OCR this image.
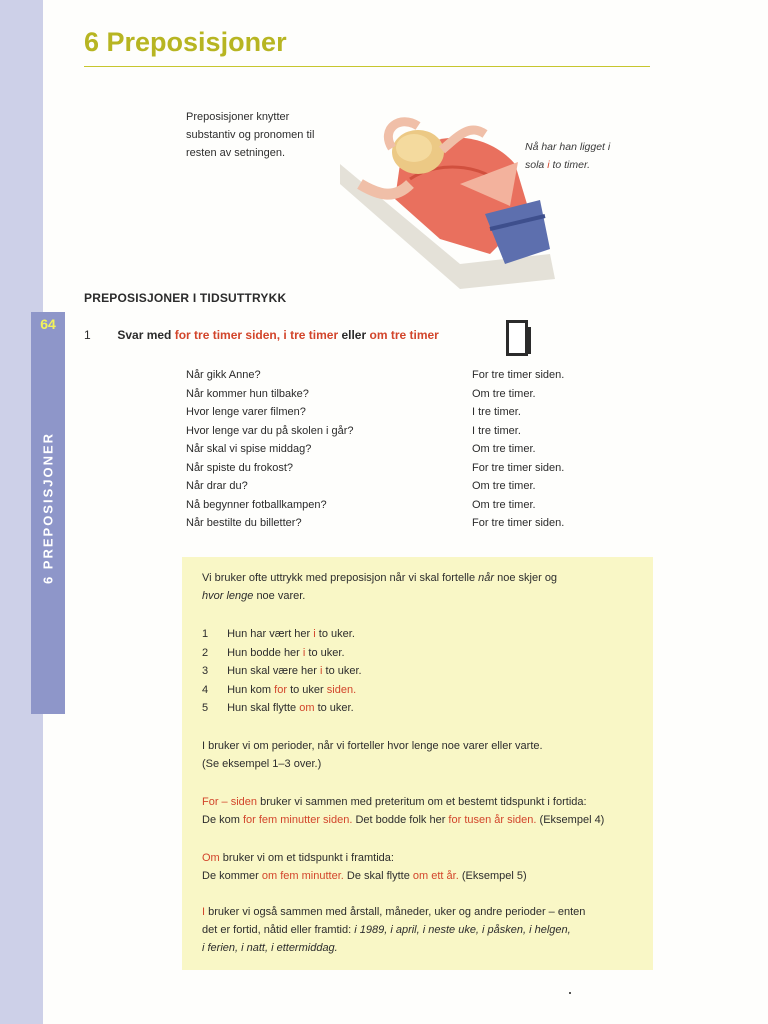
64
6 PREPOSISJONER
6 Preposisjoner
Preposisjoner knytter
substantiv og pronomen til
resten av setningen.	Nå har han ligget i
sola i to timer.
PREPOSISJONER I TIDSUTTRYKK
1 Svar med for tre timer siden, i tre timer eller om tre timer
Når gikk Anne?
Når kommer hun tilbake?
Hvor lenge varer filmen?
Hvor lenge var du på skolen i går?
Når skal vi spise middag?
Når spiste du frokost?
Når drar du?
Nå begynner fotballkampen?
Når bestilte du billetter?
For tre timer siden.
Om tre timer.
I tre timer.
I tre timer.
Om tre timer.
For tre timer siden.
Om tre timer.
Om tre timer.
For tre timer siden.
Vi bruker ofte uttrykk med preposisjon når vi skal fortelle når noe skjer og
hvor lenge noe varer.
1 Hun har vært her i to uker.
2 Hun bodde her i to uker.
3 Hun skal være her i to uker.
4 Hun kom for to uker siden.
5 Hun skal flytte om to uker.
I bruker vi om perioder, når vi forteller hvor lenge noe varer eller varte.
(Se eksempel 1–3 over.)
For – siden bruker vi sammen med preteritum om et bestemt tidspunkt i fortida:
De kom for fem minutter siden. Det bodde folk her for tusen år siden. (Eksempel 4)
Om bruker vi om et tidspunkt i framtida:
De kommer om fem minutter. De skal flytte om ett år. (Eksempel 5)
I bruker vi også sammen med årstall, måneder, uker og andre perioder – enten
det er fortid, nåtid eller framtid: i 1989, i april, i neste uke, i påsken, i helgen,
i ferien, i natt, i ettermiddag.
